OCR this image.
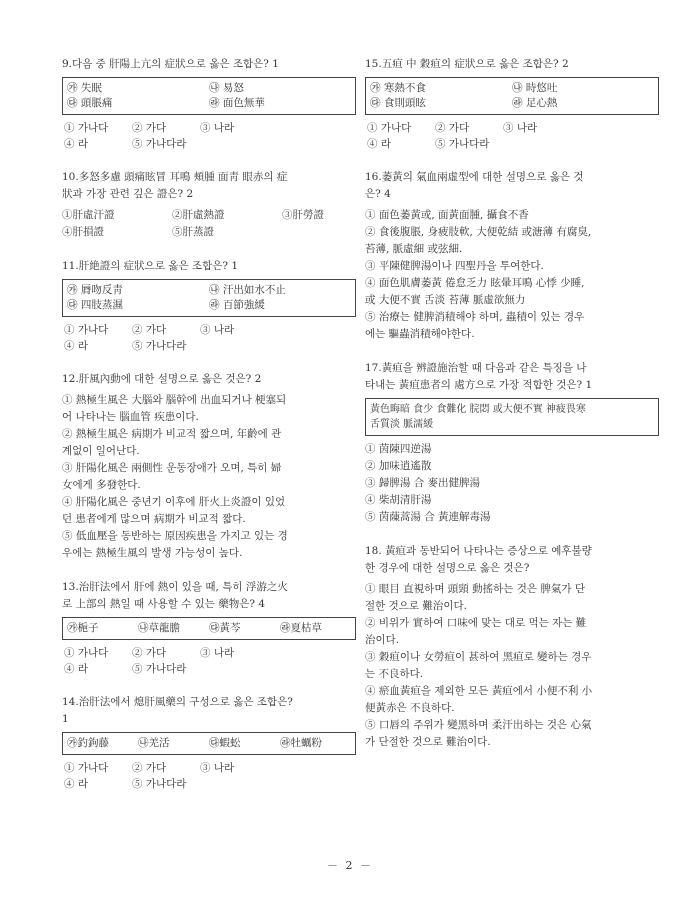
9.다음 중 肝陽上亢의 症狀으로 옳은 조합은? 1
㉮ 失眠	㉯ 易怒
㉰ 頭脹痛	㉱ 面色無華
① 가나다	② 가다	③ 나라
④ 라	⑤ 가나다라
10.多怒多慮 頭痛眩冒 耳鳴 頰腫 面靑 眼赤의 症
狀과 가장 관련 깊은 證은? 2
①肝虛汗證	②肝虛熱證	③肝勞證
④肝損證	⑤肝蒸證
11.肝絶證의 症狀으로 옳은 조합은? 1
㉮ 脣吻反靑	㉯ 汗出如水不止
㉰ 四肢蒸濕	㉱ 百節強緩
① 가나다	② 가다	③ 나라
④ 라	⑤ 가나다라
12.肝風內動에 대한 설명으로 옳은 것은? 2
① 熱極生風은 大腦와 腦幹에 出血되거나 梗塞되
어 나타나는 腦血管 疾患이다.
② 熱極生風은 病期가 비교적 짧으며, 年齡에 관
계없이 일어난다.
③ 肝陽化風은 兩側性 운동장애가 오며, 특히 婦
女에게 多發한다.
④ 肝陽化風은 중년기 이후에 肝火上炎證이 있었
던 患者에게 많으며 病期가 비교적 짧다.
⑤ 低血壓을 동반하는 原因疾患을 가지고 있는 경
우에는 熱極生風의 발생 가능성이 높다.
13.治肝法에서 肝에 熱이 있을 때, 특히 浮游之火
로 上部의 熱일 때 사용할 수 있는 藥物은? 4
㉮梔子	㉯草龍膽	㉰黃芩	㉱夏枯草
① 가나다	② 가다	③ 나라
④ 라	⑤ 가나다라
14.治肝法에서 熄肝風藥의 구성으로 옳은 조합은?
1
㉮釣鉤藤	㉯羌活	㉰蝦蚣	㉱牡蠣粉
① 가나다	② 가다	③ 나라
④ 라	⑤ 가나다라
15.五疸 中 穀疸의 症狀으로 옳은 조합은? 2
㉮ 寒熱不食	㉯ 時悠吐
㉰ 食則頭眩	㉱ 足心熱
① 가나다	② 가다	③ 나라
④ 라	⑤ 가나다라
16.萎黃의 氣血兩虛型에 대한 설명으로 옳은 것
은? 4
① 面色萎黃或, 面黃面腫, 攝食不香
② 食後腹脹, 身疲肢軟, 大便乾結 或溏薄 有腐臭,
苔薄, 脈虛細 或弦細.
③ 平陳健脾湯이나 四聖丹을 투여한다.
④ 面色肌膚萎黃 倦怠乏力 眩暈耳鳴 心悸 少睡,
或 大便不實 舌淡 苔薄 脈虛欲無力
⑤ 治療는 健脾消積해야 하며, 蟲積이 있는 경우
에는 驅蟲消積해야한다.
17.黃疸을 辨證施治할 때 다음과 같은 특징을 나
타내는 黃疸患者의 處方으로 가장 적합한 것은? 1
黃色晦暗 食少 食難化 脘悶 或大便不實 神疲畏寒
舌質淡 脈濡緩
① 茵陳四逆湯
② 加味逍遙散
③ 歸脾湯 合 麥出健脾湯
④ 柴胡清肝湯
⑤ 茵蔯蒿湯 合 黃連解毒湯
18. 黃疸과 동반되어 나타나는 증상으로 예후불량
한 경우에 대한 설명으로 옳은 것은?
① 眼目 直視하며 頭頸 動搖하는 것은 脾氣가 단
절한 것으로 難治이다.
② 비위가 實하여 口味에 맞는 대로 먹는 자는 難
治이다.
③ 穀疸이나 女勞疸이 甚하여 黑疸로 變하는 경우
는 不良하다.
④ 瘀血黃疸을 제외한 모든 黃疸에서 小便不利 小
便黃赤은 不良하다.
⑤ 口唇의 주위가 變黑하며 柔汗出하는 것은 心氣
가 단절한 것으로 難治이다.
－ 2 －
